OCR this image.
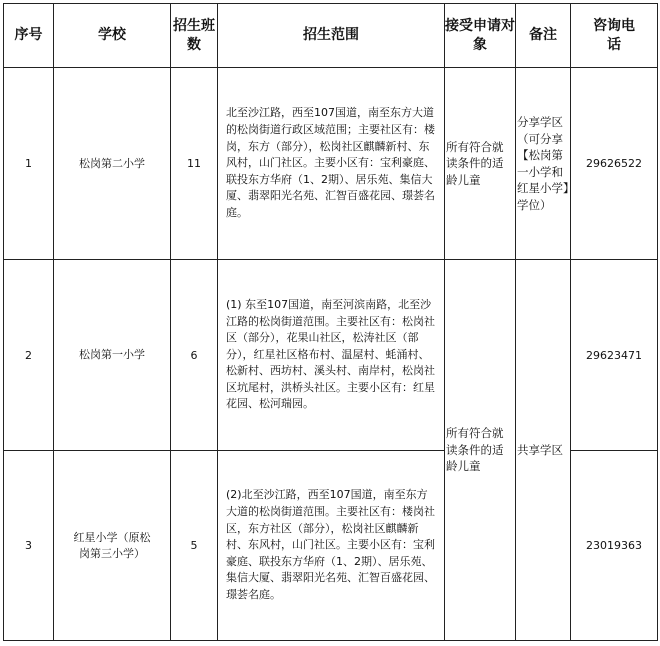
序号	学校	招生班数	招生范围	接受申请对象	备注	咨询电话
1	松岗第二小学	11	北至沙江路，西至107国道，南至东方大道的松岗街道行政区域范围；主要社区有：楼岗，东方（部分），松岗社区麒麟新村、东风村，山门社区。主要小区有：宝利豪庭、联投东方华府（1、2期）、居乐苑、集信大厦、翡翠阳光名苑、汇智百盛花园、璟荟名庭。	所有符合就读条件的适龄儿童	分享学区（可分享【松岗第一小学和红星小学】学位）	29626522
2	松岗第一小学	6	(1) 东至107国道，南至河滨南路，北至沙江路的松岗街道范围。主要社区有：松岗社区（部分），花果山社区，松涛社区（部分），红星社区格布村、温屋村、蚝涌村、松新村、西坊村、溪头村、南岸村，松岗社区坑尾村，洪桥头社区。主要小区有：红星花园、松河瑞园。	所有符合就读条件的适龄儿童	共享学区	29623471
3	红星小学（原松岗第三小学）	5	(2)北至沙江路，西至107国道，南至东方大道的松岗街道范围。主要社区有：楼岗社区，东方社区（部分），松岗社区麒麟新村、东风村，山门社区。主要小区有：宝利豪庭、联投东方华府（1、2期）、居乐苑、集信大厦、翡翠阳光名苑、汇智百盛花园、璟荟名庭。			23019363
